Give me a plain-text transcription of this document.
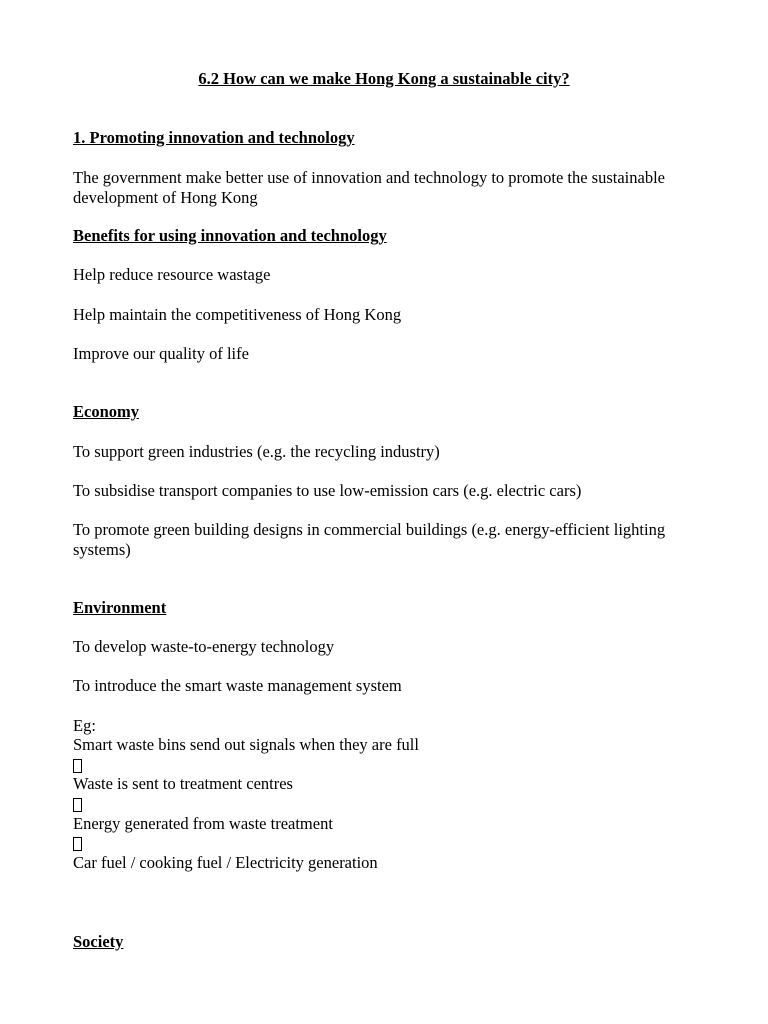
6.2 How can we make Hong Kong a sustainable city?
1. Promoting innovation and technology
The government make better use of innovation and technology to promote the sustainable development of Hong Kong
Benefits for using innovation and technology
Help reduce resource wastage
Help maintain the competitiveness of Hong Kong
Improve our quality of life
Economy
To support green industries (e.g. the recycling industry)
To subsidise transport companies to use low-emission cars (e.g. electric cars)
To promote green building designs in commercial buildings (e.g. energy-efficient lighting systems)
Environment
To develop waste-to-energy technology
To introduce the smart waste management system
Eg:
Smart waste bins send out signals when they are full
Waste is sent to treatment centres
Energy generated from waste treatment
Car fuel / cooking fuel / Electricity generation
Society
